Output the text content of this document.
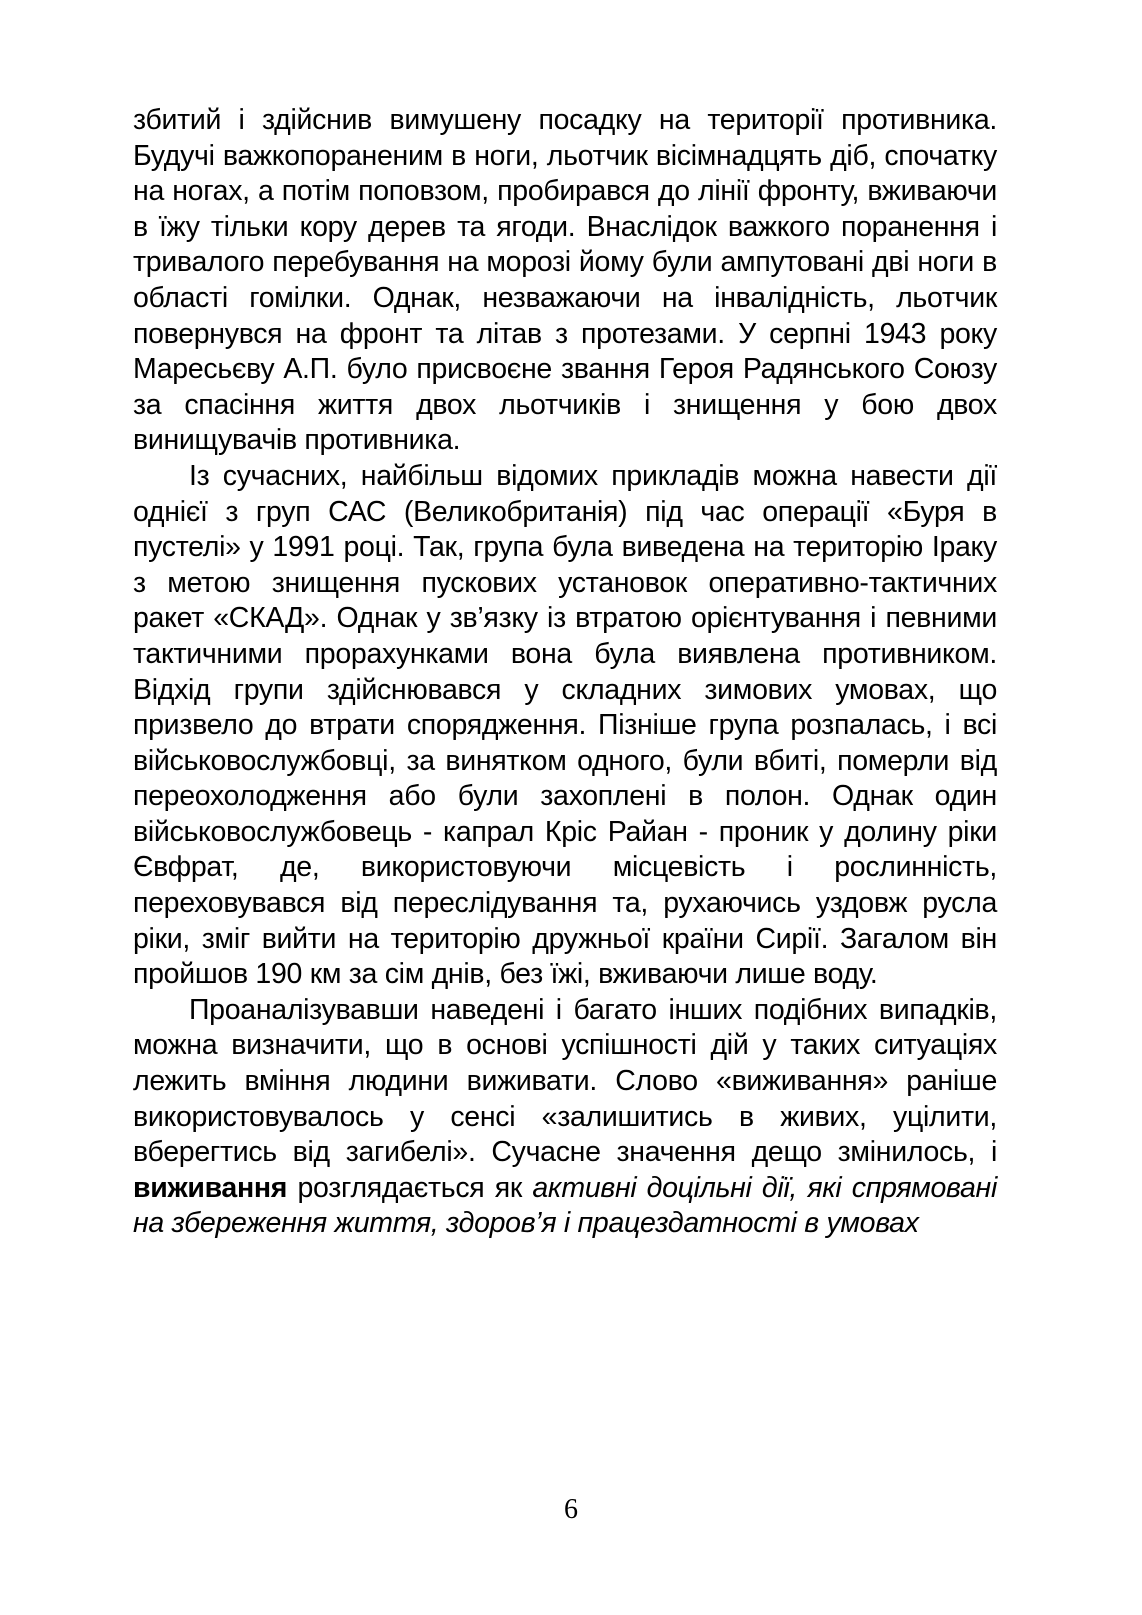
збитий і здійснив вимушену посадку на території противника. Будучі важкопораненим в ноги, льотчик вісімнадцять діб, спочатку на ногах, а потім поповзом, пробирався до лінії фронту, вживаючи в їжу тільки кору дерев та ягоди. Внаслідок важкого поранення і тривалого перебування на морозі йому були ампутовані дві ноги в області гомілки. Однак, незважаючи на інвалідність, льотчик повернувся на фронт та літав з протезами. У серпні 1943 року Маресьєву А.П. було присвоєне звання Героя Радянського Союзу за спасіння життя двох льотчиків і знищення у бою двох винищувачів противника.

Із сучасних, найбільш відомих прикладів можна навести дії однієї з груп САС (Великобританія) під час операції «Буря в пустелі» у 1991 році. Так, група була виведена на територію Іраку з метою знищення пускових установок оперативно-тактичних ракет «СКАД». Однак у зв’язку із втратою орієнтування і певними тактичними прорахунками вона була виявлена противником. Відхід групи здійснювався у складних зимових умовах, що призвело до втрати спорядження. Пізніше група розпалась, і всі військовослужбовці, за винятком одного, були вбиті, померли від переохолодження або були захоплені в полон. Однак один військовослужбовець - капрал Кріс Райан - проник у долину ріки Євфрат, де, використовуючи місцевість і рослинність, переховувався від переслідування та, рухаючись уздовж русла ріки, зміг вийти на територію дружньої країни Сирії. Загалом він пройшов 190 км за сім днів, без їжі, вживаючи лише воду.

Проаналізувавши наведені і багато інших подібних випадків, можна визначити, що в основі успішності дій у таких ситуаціях лежить вміння людини виживати. Слово «виживання» раніше використовувалось у сенсі «залишитись в живих, уцілити, вберегтись від загибелі». Сучасне значення дещо змінилось, і виживання розглядається як активні доцільні дії, які спрямовані на збереження життя, здоров’я і працездатності в умовах

6
